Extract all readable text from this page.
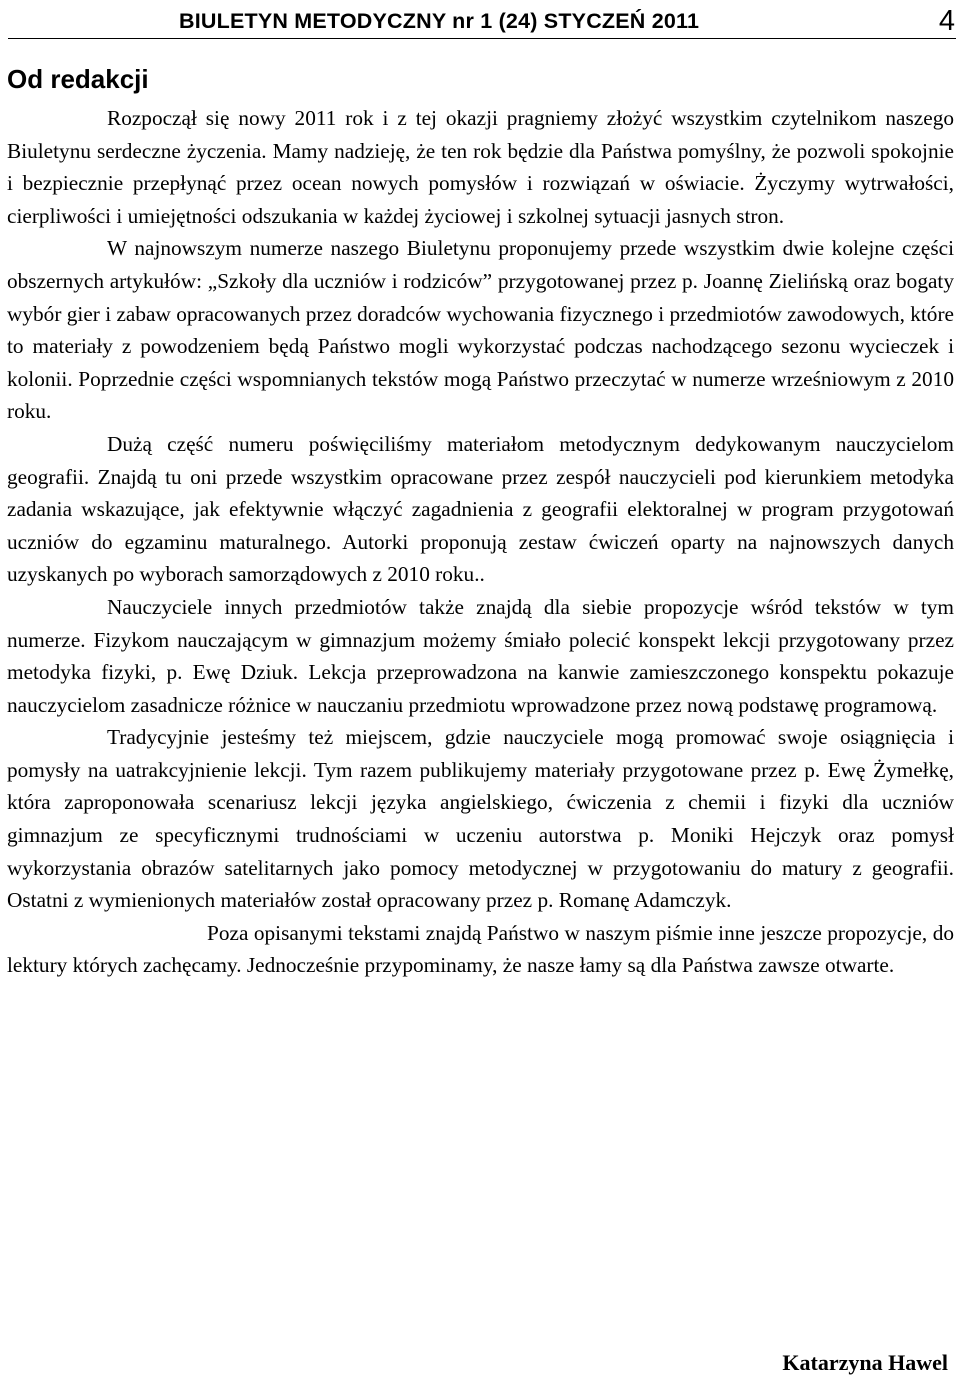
BIULETYN METODYCZNY nr 1 (24) STYCZEŃ 2011	4
Od redakcji

Rozpoczął się nowy 2011 rok i z tej okazji pragniemy złożyć wszystkim czytelnikom naszego Biuletynu serdeczne życzenia. Mamy nadzieję, że ten rok będzie dla Państwa pomyślny, że pozwoli spokojnie i bezpiecznie przepłynąć przez ocean nowych pomysłów i rozwiązań w oświacie. Życzymy wytrwałości, cierpliwości i umiejętności odszukania w każdej życiowej i szkolnej sytuacji jasnych stron.

W najnowszym numerze naszego Biuletynu proponujemy przede wszystkim dwie kolejne części obszernych artykułów: „Szkoły dla uczniów i rodziców” przygotowanej przez p. Joannę Zielińską oraz bogaty wybór gier i zabaw opracowanych przez doradców wychowania fizycznego i przedmiotów zawodowych, które to materiały z powodzeniem będą Państwo mogli wykorzystać podczas nachodzącego sezonu wycieczek i kolonii. Poprzednie części wspomnianych tekstów mogą Państwo przeczytać w numerze wrześniowym z 2010 roku.

Dużą część numeru poświęciliśmy materiałom metodycznym dedykowanym nauczycielom geografii. Znajdą tu oni przede wszystkim opracowane przez zespół nauczycieli pod kierunkiem metodyka zadania wskazujące, jak efektywnie włączyć zagadnienia z geografii elektoralnej w program przygotowań uczniów do egzaminu maturalnego. Autorki proponują zestaw ćwiczeń oparty na najnowszych danych uzyskanych po wyborach samorządowych z 2010 roku..

Nauczyciele innych przedmiotów także znajdą dla siebie propozycje wśród tekstów w tym numerze. Fizykom nauczającym w gimnazjum możemy śmiało polecić konspekt lekcji przygotowany przez metodyka fizyki, p. Ewę Dziuk. Lekcja przeprowadzona na kanwie zamieszczonego konspektu pokazuje nauczycielom zasadnicze różnice w nauczaniu przedmiotu wprowadzone przez nową podstawę programową.

Tradycyjnie jesteśmy też miejscem, gdzie nauczyciele mogą promować swoje osiągnięcia i pomysły na uatrakcyjnienie lekcji. Tym razem publikujemy materiały przygotowane przez p. Ewę Żymełkę, która zaproponowała scenariusz lekcji języka angielskiego, ćwiczenia z chemii i fizyki dla uczniów gimnazjum ze specyficznymi trudnościami w uczeniu autorstwa p. Moniki Hejczyk oraz pomysł wykorzystania obrazów satelitarnych jako pomocy metodycznej w przygotowaniu do matury z geografii. Ostatni z wymienionych materiałów został opracowany przez p. Romanę Adamczyk.

Poza opisanymi tekstami znajdą Państwo w naszym piśmie inne jeszcze propozycje, do lektury których zachęcamy. Jednocześnie przypominamy, że nasze łamy są dla Państwa zawsze otwarte.

Katarzyna Hawel
